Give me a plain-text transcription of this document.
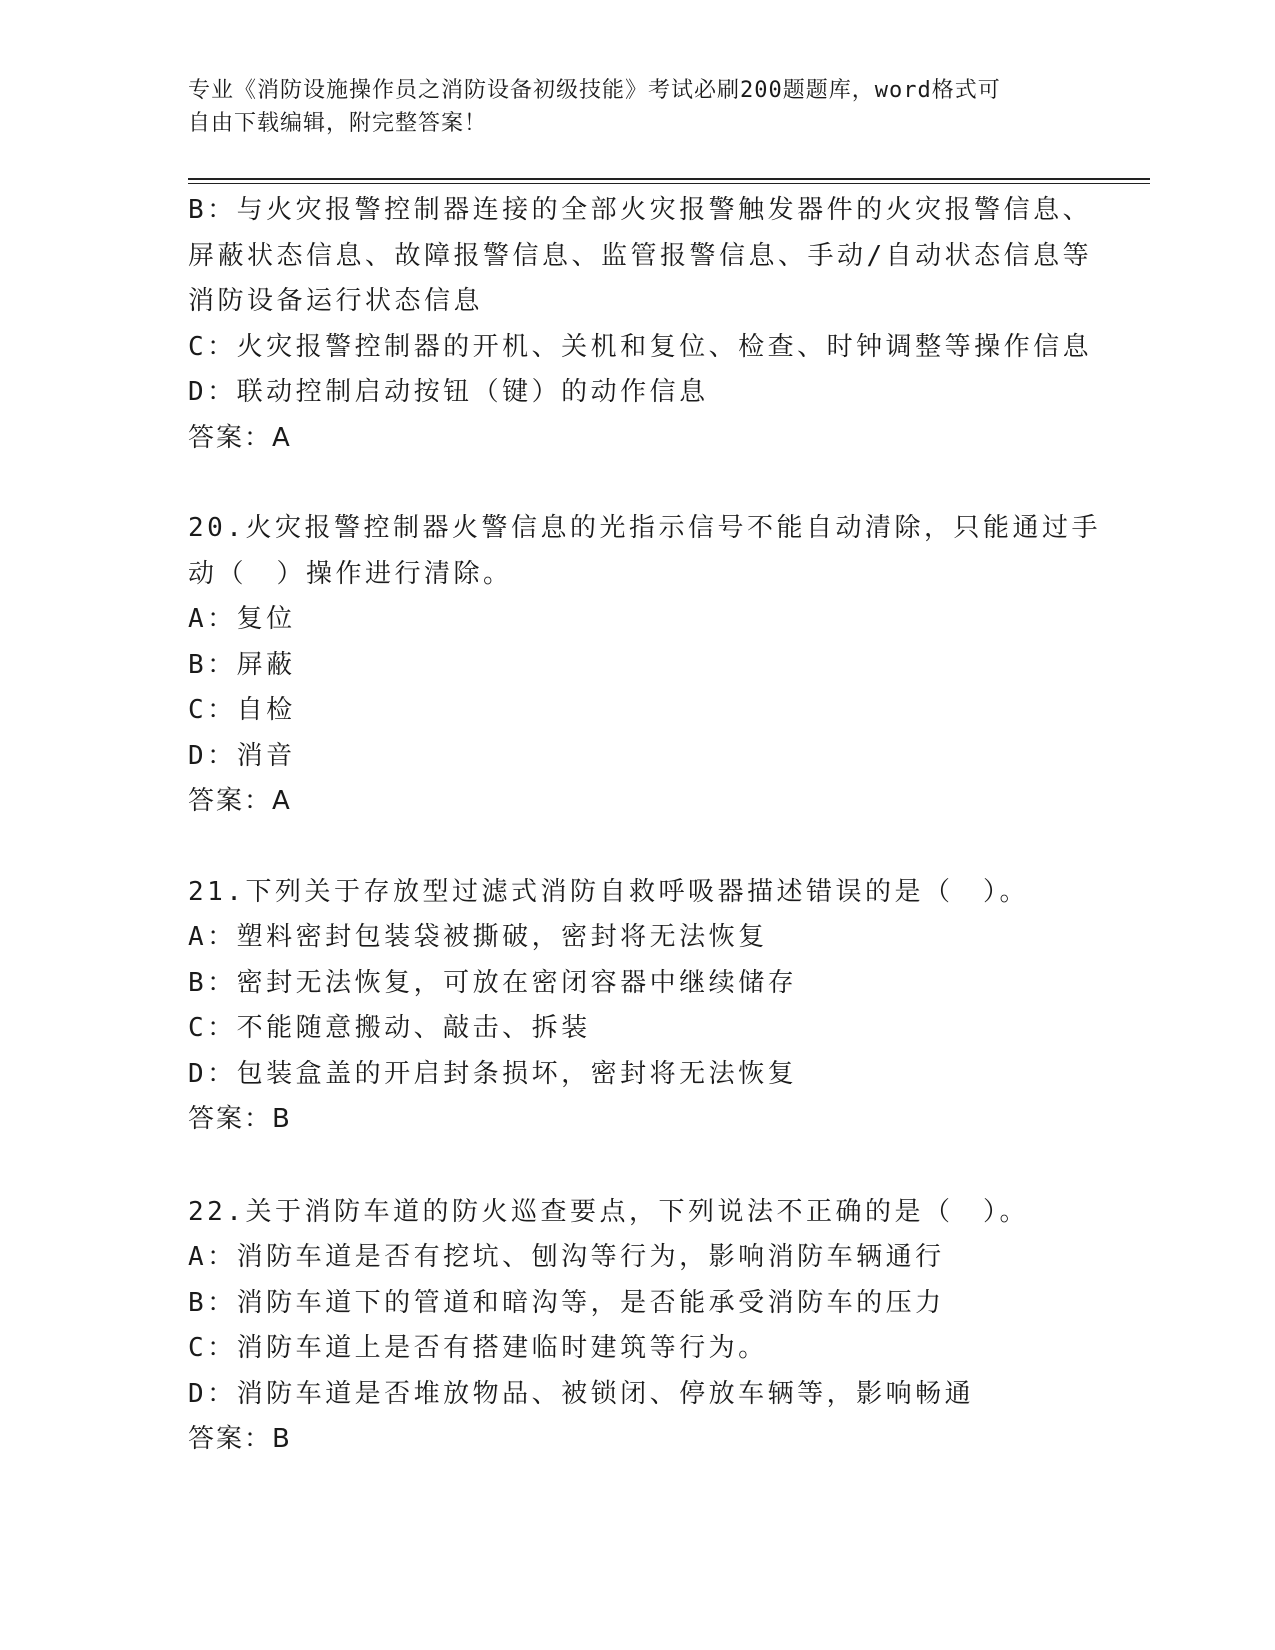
专业《消防设施操作员之消防设备初级技能》考试必刷200题题库，word格式可
自由下载编辑，附完整答案！
B：与火灾报警控制器连接的全部火灾报警触发器件的火灾报警信息、
屏蔽状态信息、故障报警信息、监管报警信息、手动/自动状态信息等
消防设备运行状态信息
C：火灾报警控制器的开机、关机和复位、检查、时钟调整等操作信息
D：联动控制启动按钮（键）的动作信息
答案：A
20.火灾报警控制器火警信息的光指示信号不能自动清除，只能通过手
动（　）操作进行清除。
A：复位
B：屏蔽
C：自检
D：消音
答案：A
21.下列关于存放型过滤式消防自救呼吸器描述错误的是（　）。
A：塑料密封包装袋被撕破，密封将无法恢复
B：密封无法恢复，可放在密闭容器中继续储存
C：不能随意搬动、敲击、拆装
D：包装盒盖的开启封条损坏，密封将无法恢复
答案：B
22.关于消防车道的防火巡查要点，下列说法不正确的是（　）。
A：消防车道是否有挖坑、刨沟等行为，影响消防车辆通行
B：消防车道下的管道和暗沟等，是否能承受消防车的压力
C：消防车道上是否有搭建临时建筑等行为。
D：消防车道是否堆放物品、被锁闭、停放车辆等，影响畅通
答案：B
